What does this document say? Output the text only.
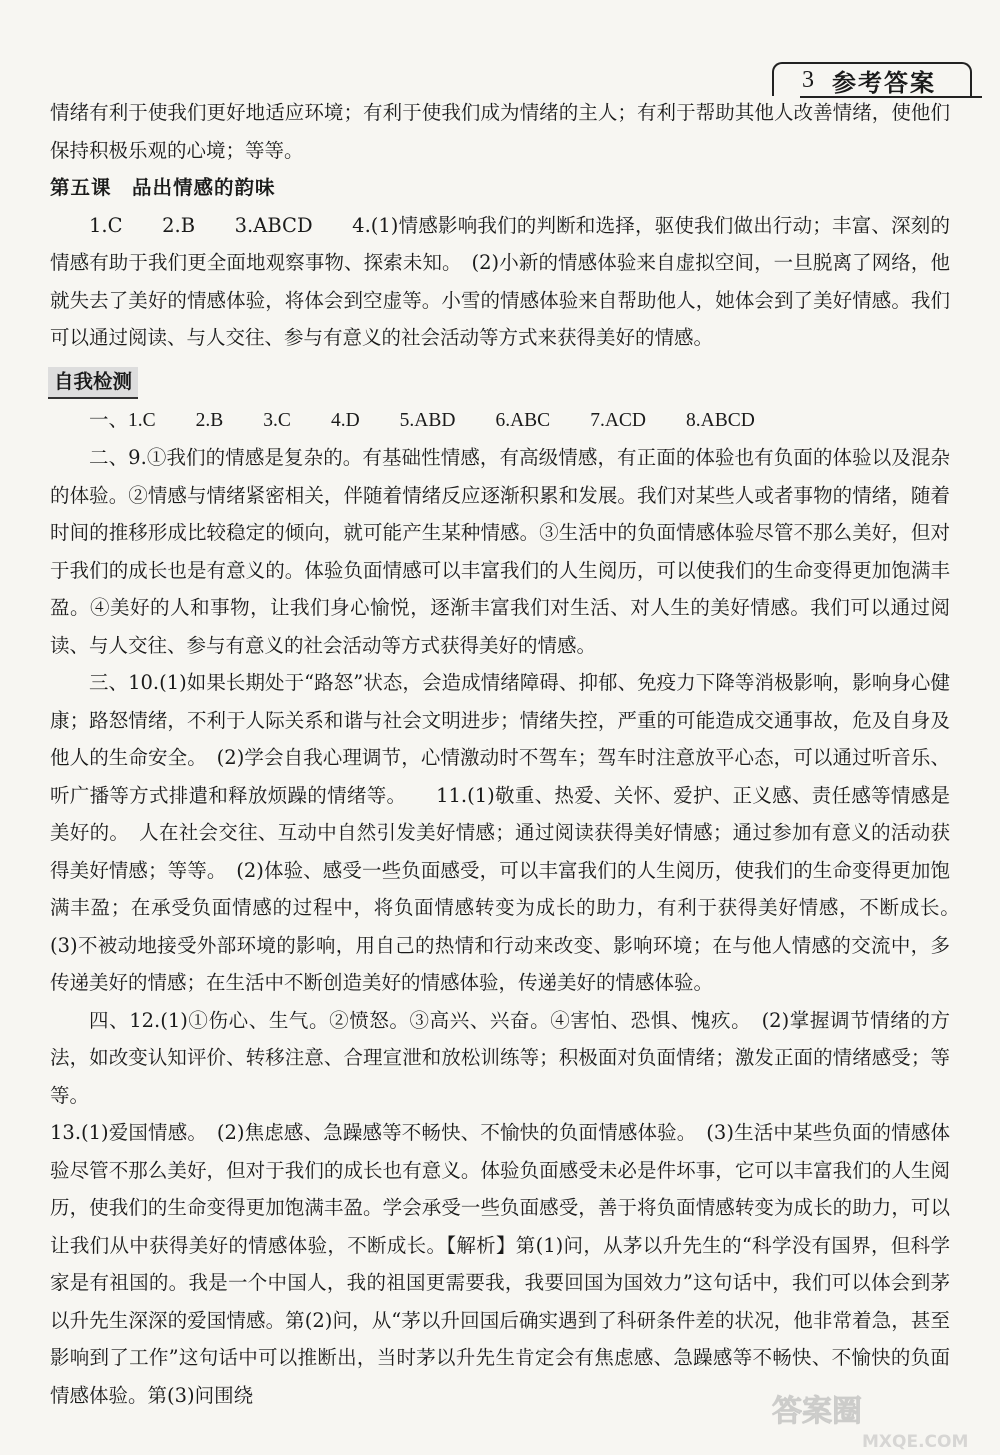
3 参考答案

情绪有利于使我们更好地适应环境；有利于使我们成为情绪的主人；有利于帮助其他人改善情绪，使他们保持积极乐观的心境；等等。

第五课　品出情感的韵味

1.C　　2.B　　3.ABCD　　4.(1)情感影响我们的判断和选择，驱使我们做出行动；丰富、深刻的情感有助于我们更全面地观察事物、探索未知。　(2)小新的情感体验来自虚拟空间，一旦脱离了网络，他就失去了美好的情感体验，将体会到空虚等。小雪的情感体验来自帮助他人，她体会到了美好情感。我们可以通过阅读、与人交往、参与有意义的社会活动等方式来获得美好的情感。

自我检测

一、1.C 2.B 3.C 4.D 5.ABD 6.ABC 7.ACD 8.ABCD

二、9.①我们的情感是复杂的。有基础性情感，有高级情感，有正面的体验也有负面的体验以及混杂的体验。②情感与情绪紧密相关，伴随着情绪反应逐渐积累和发展。我们对某些人或者事物的情绪，随着时间的推移形成比较稳定的倾向，就可能产生某种情感。③生活中的负面情感体验尽管不那么美好，但对于我们的成长也是有意义的。体验负面情感可以丰富我们的人生阅历，可以使我们的生命变得更加饱满丰盈。④美好的人和事物，让我们身心愉悦，逐渐丰富我们对生活、对人生的美好情感。我们可以通过阅读、与人交往、参与有意义的社会活动等方式获得美好的情感。

三、10.(1)如果长期处于“路怒”状态，会造成情绪障碍、抑郁、免疫力下降等消极影响，影响身心健康；路怒情绪，不利于人际关系和谐与社会文明进步；情绪失控，严重的可能造成交通事故，危及自身及他人的生命安全。　(2)学会自我心理调节，心情激动时不驾车；驾车时注意放平心态，可以通过听音乐、听广播等方式排遣和释放烦躁的情绪等。　　11.(1)敬重、热爱、关怀、爱护、正义感、责任感等情感是美好的。　人在社会交往、互动中自然引发美好情感；通过阅读获得美好情感；通过参加有意义的活动获得美好情感；等等。　(2)体验、感受一些负面感受，可以丰富我们的人生阅历，使我们的生命变得更加饱满丰盈；在承受负面情感的过程中，将负面情感转变为成长的助力，有利于获得美好情感，不断成长。　(3)不被动地接受外部环境的影响，用自己的热情和行动来改变、影响环境；在与他人情感的交流中，多传递美好的情感；在生活中不断创造美好的情感体验，传递美好的情感体验。

四、12.(1)①伤心、生气。②愤怒。③高兴、兴奋。④害怕、恐惧、愧疚。　(2)掌握调节情绪的方法，如改变认知评价、转移注意、合理宣泄和放松训练等；积极面对负面情绪；激发正面的情绪感受；等等。

13.(1)爱国情感。　(2)焦虑感、急躁感等不畅快、不愉快的负面情感体验。　(3)生活中某些负面的情感体验尽管不那么美好，但对于我们的成长也有意义。体验负面感受未必是件坏事，它可以丰富我们的人生阅历，使我们的生命变得更加饱满丰盈。学会承受一些负面感受，善于将负面情感转变为成长的助力，可以让我们从中获得美好的情感体验，不断成长。【解析】第(1)问，从茅以升先生的“科学没有国界，但科学家是有祖国的。我是一个中国人，我的祖国更需要我，我要回国为国效力”这句话中，我们可以体会到茅以升先生深深的爱国情感。第(2)问，从“茅以升回国后确实遇到了科研条件差的状况，他非常着急，甚至影响到了工作”这句话中可以推断出，当时茅以升先生肯定会有焦虑感、急躁感等不畅快、不愉快的负面情感体验。第(3)问围绕	答案圈
MXQE.COM
